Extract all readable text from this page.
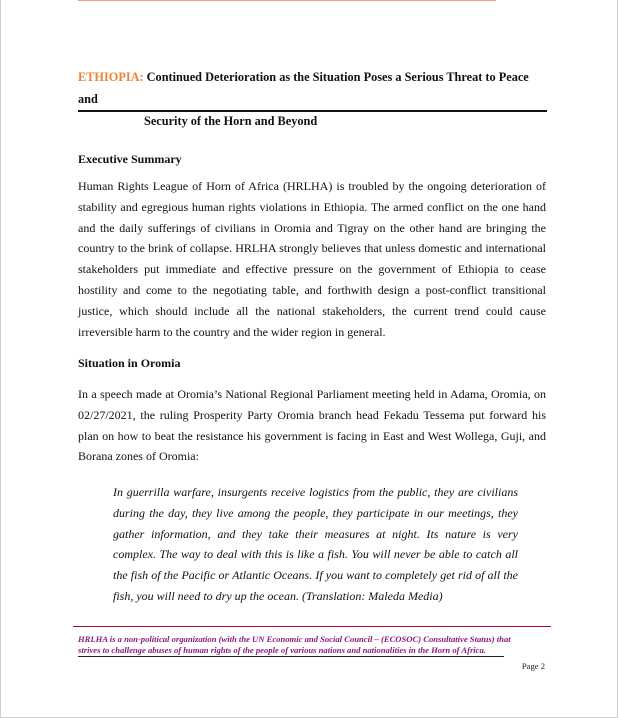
ETHIOPIA: Continued Deterioration as the Situation Poses a Serious Threat to Peace and
Security of the Horn and Beyond
Executive Summary
Human Rights League of Horn of Africa (HRLHA) is troubled by the ongoing deterioration of
stability and egregious human rights violations in Ethiopia. The armed conflict on the one hand
and the daily sufferings of civilians in Oromia and Tigray on the other hand are bringing the
country to the brink of collapse. HRLHA strongly believes that unless domestic and international
stakeholders put immediate and effective pressure on the government of Ethiopia to cease
hostility and come to the negotiating table, and forthwith design a post-conflict transitional
justice, which should include all the national stakeholders, the current trend could cause
irreversible harm to the country and the wider region in general.
Situation in Oromia
In a speech made at Oromia’s National Regional Parliament meeting held in Adama, Oromia, on
02/27/2021, the ruling Prosperity Party Oromia branch head Fekadu Tessema put forward his
plan on how to beat the resistance his government is facing in East and West Wollega, Guji, and
Borana zones of Oromia:
In guerrilla warfare, insurgents receive logistics from the public, they are civilians
during the day, they live among the people, they participate in our meetings, they
gather information, and they take their measures at night. Its nature is very
complex. The way to deal with this is like a fish. You will never be able to catch all
the fish of the Pacific or Atlantic Oceans. If you want to completely get rid of all the
fish, you will need to dry up the ocean. (Translation: Maleda Media)
HRLHA is a non-political organization (with the UN Economic and Social Council – (ECOSOC) Consultative Status) that
strives to challenge abuses of human rights of the people of various nations and nationalities in the Horn of Africa.
Page 2
